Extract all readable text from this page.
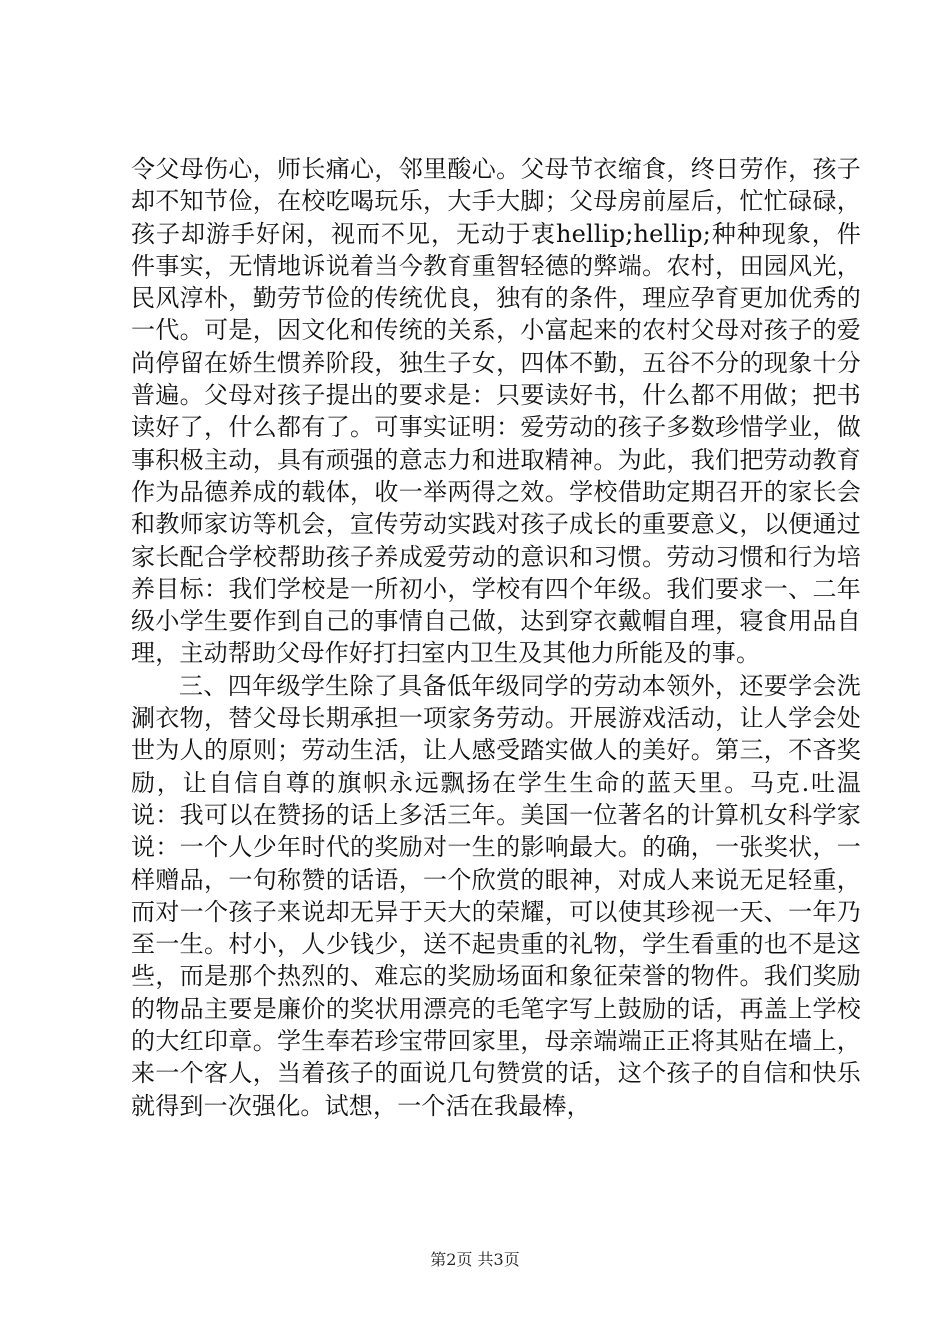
令父母伤心，师长痛心，邻里酸心。父母节衣缩食，终日劳作，孩子却不知节俭，在校吃喝玩乐，大手大脚；父母房前屋后，忙忙碌碌，孩子却游手好闲，视而不见，无动于衷hellip;hellip;种种现象，件件事实，无情地诉说着当今教育重智轻德的弊端。农村，田园风光，民风淳朴，勤劳节俭的传统优良，独有的条件，理应孕育更加优秀的一代。可是，因文化和传统的关系，小富起来的农村父母对孩子的爱尚停留在娇生惯养阶段，独生子女，四体不勤，五谷不分的现象十分普遍。父母对孩子提出的要求是：只要读好书，什么都不用做；把书读好了，什么都有了。可事实证明：爱劳动的孩子多数珍惜学业，做事积极主动，具有顽强的意志力和进取精神。为此，我们把劳动教育作为品德养成的载体，收一举两得之效。学校借助定期召开的家长会和教师家访等机会，宣传劳动实践对孩子成长的重要意义，以便通过家长配合学校帮助孩子养成爱劳动的意识和习惯。劳动习惯和行为培养目标：我们学校是一所初小，学校有四个年级。我们要求一、二年级小学生要作到自己的事情自己做，达到穿衣戴帽自理，寝食用品自理，主动帮助父母作好打扫室内卫生及其他力所能及的事。

三、四年级学生除了具备低年级同学的劳动本领外，还要学会洗涮衣物，替父母长期承担一项家务劳动。开展游戏活动，让人学会处世为人的原则；劳动生活，让人感受踏实做人的美好。第三，不吝奖励，让自信自尊的旗帜永远飘扬在学生生命的蓝天里。马克.吐温说：我可以在赞扬的话上多活三年。美国一位著名的计算机女科学家说：一个人少年时代的奖励对一生的影响最大。的确，一张奖状，一样赠品，一句称赞的话语，一个欣赏的眼神，对成人来说无足轻重，而对一个孩子来说却无异于天大的荣耀，可以使其珍视一天、一年乃至一生。村小，人少钱少，送不起贵重的礼物，学生看重的也不是这些，而是那个热烈的、难忘的奖励场面和象征荣誉的物件。我们奖励的物品主要是廉价的奖状用漂亮的毛笔字写上鼓励的话，再盖上学校的大红印章。学生奉若珍宝带回家里，母亲端端正正将其贴在墙上，来一个客人，当着孩子的面说几句赞赏的话，这个孩子的自信和快乐就得到一次强化。试想，一个活在我最棒，

第2页 共3页
